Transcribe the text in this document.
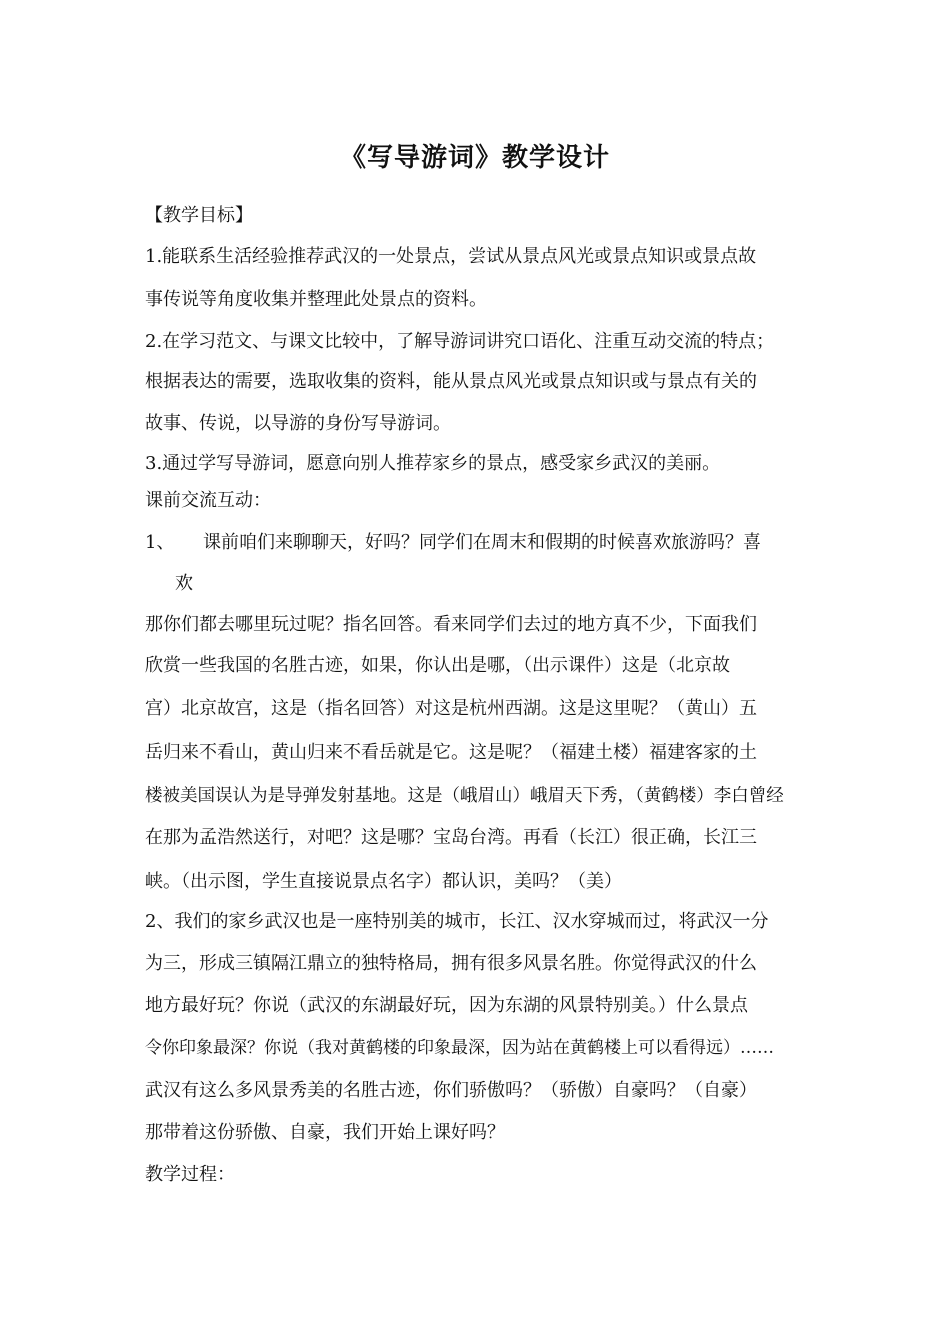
《写导游词》教学设计
【教学目标】
1.能联系生活经验推荐武汉的一处景点，尝试从景点风光或景点知识或景点故
事传说等角度收集并整理此处景点的资料。
2.在学习范文、与课文比较中，了解导游词讲究口语化、注重互动交流的特点；
根据表达的需要，选取收集的资料，能从景点风光或景点知识或与景点有关的
故事、传说，以导游的身份写导游词。
3.通过学写导游词，愿意向别人推荐家乡的景点，感受家乡武汉的美丽。
课前交流互动：
1、 课前咱们来聊聊天，好吗？同学们在周末和假期的时候喜欢旅游吗？喜
欢
那你们都去哪里玩过呢？指名回答。看来同学们去过的地方真不少，下面我们
欣赏一些我国的名胜古迹，如果，你认出是哪，（出示课件）这是（北京故
宫）北京故宫，这是（指名回答）对这是杭州西湖。这是这里呢？（黄山）五
岳归来不看山，黄山归来不看岳就是它。这是呢？（福建土楼）福建客家的土
楼被美国误认为是导弹发射基地。这是（峨眉山）峨眉天下秀，（黄鹤楼）李白曾经
在那为孟浩然送行，对吧？这是哪？宝岛台湾。再看（长江）很正确，长江三
峡。（出示图，学生直接说景点名字）都认识，美吗？（美）
2、我们的家乡武汉也是一座特别美的城市，长江、汉水穿城而过，将武汉一分
为三，形成三镇隔江鼎立的独特格局，拥有很多风景名胜。你觉得武汉的什么
地方最好玩？你说（武汉的东湖最好玩，因为东湖的风景特别美。）什么景点
令你印象最深？你说（我对黄鹤楼的印象最深，因为站在黄鹤楼上可以看得远）……
武汉有这么多风景秀美的名胜古迹，你们骄傲吗？（骄傲）自豪吗？（自豪）
那带着这份骄傲、自豪，我们开始上课好吗？
教学过程：
